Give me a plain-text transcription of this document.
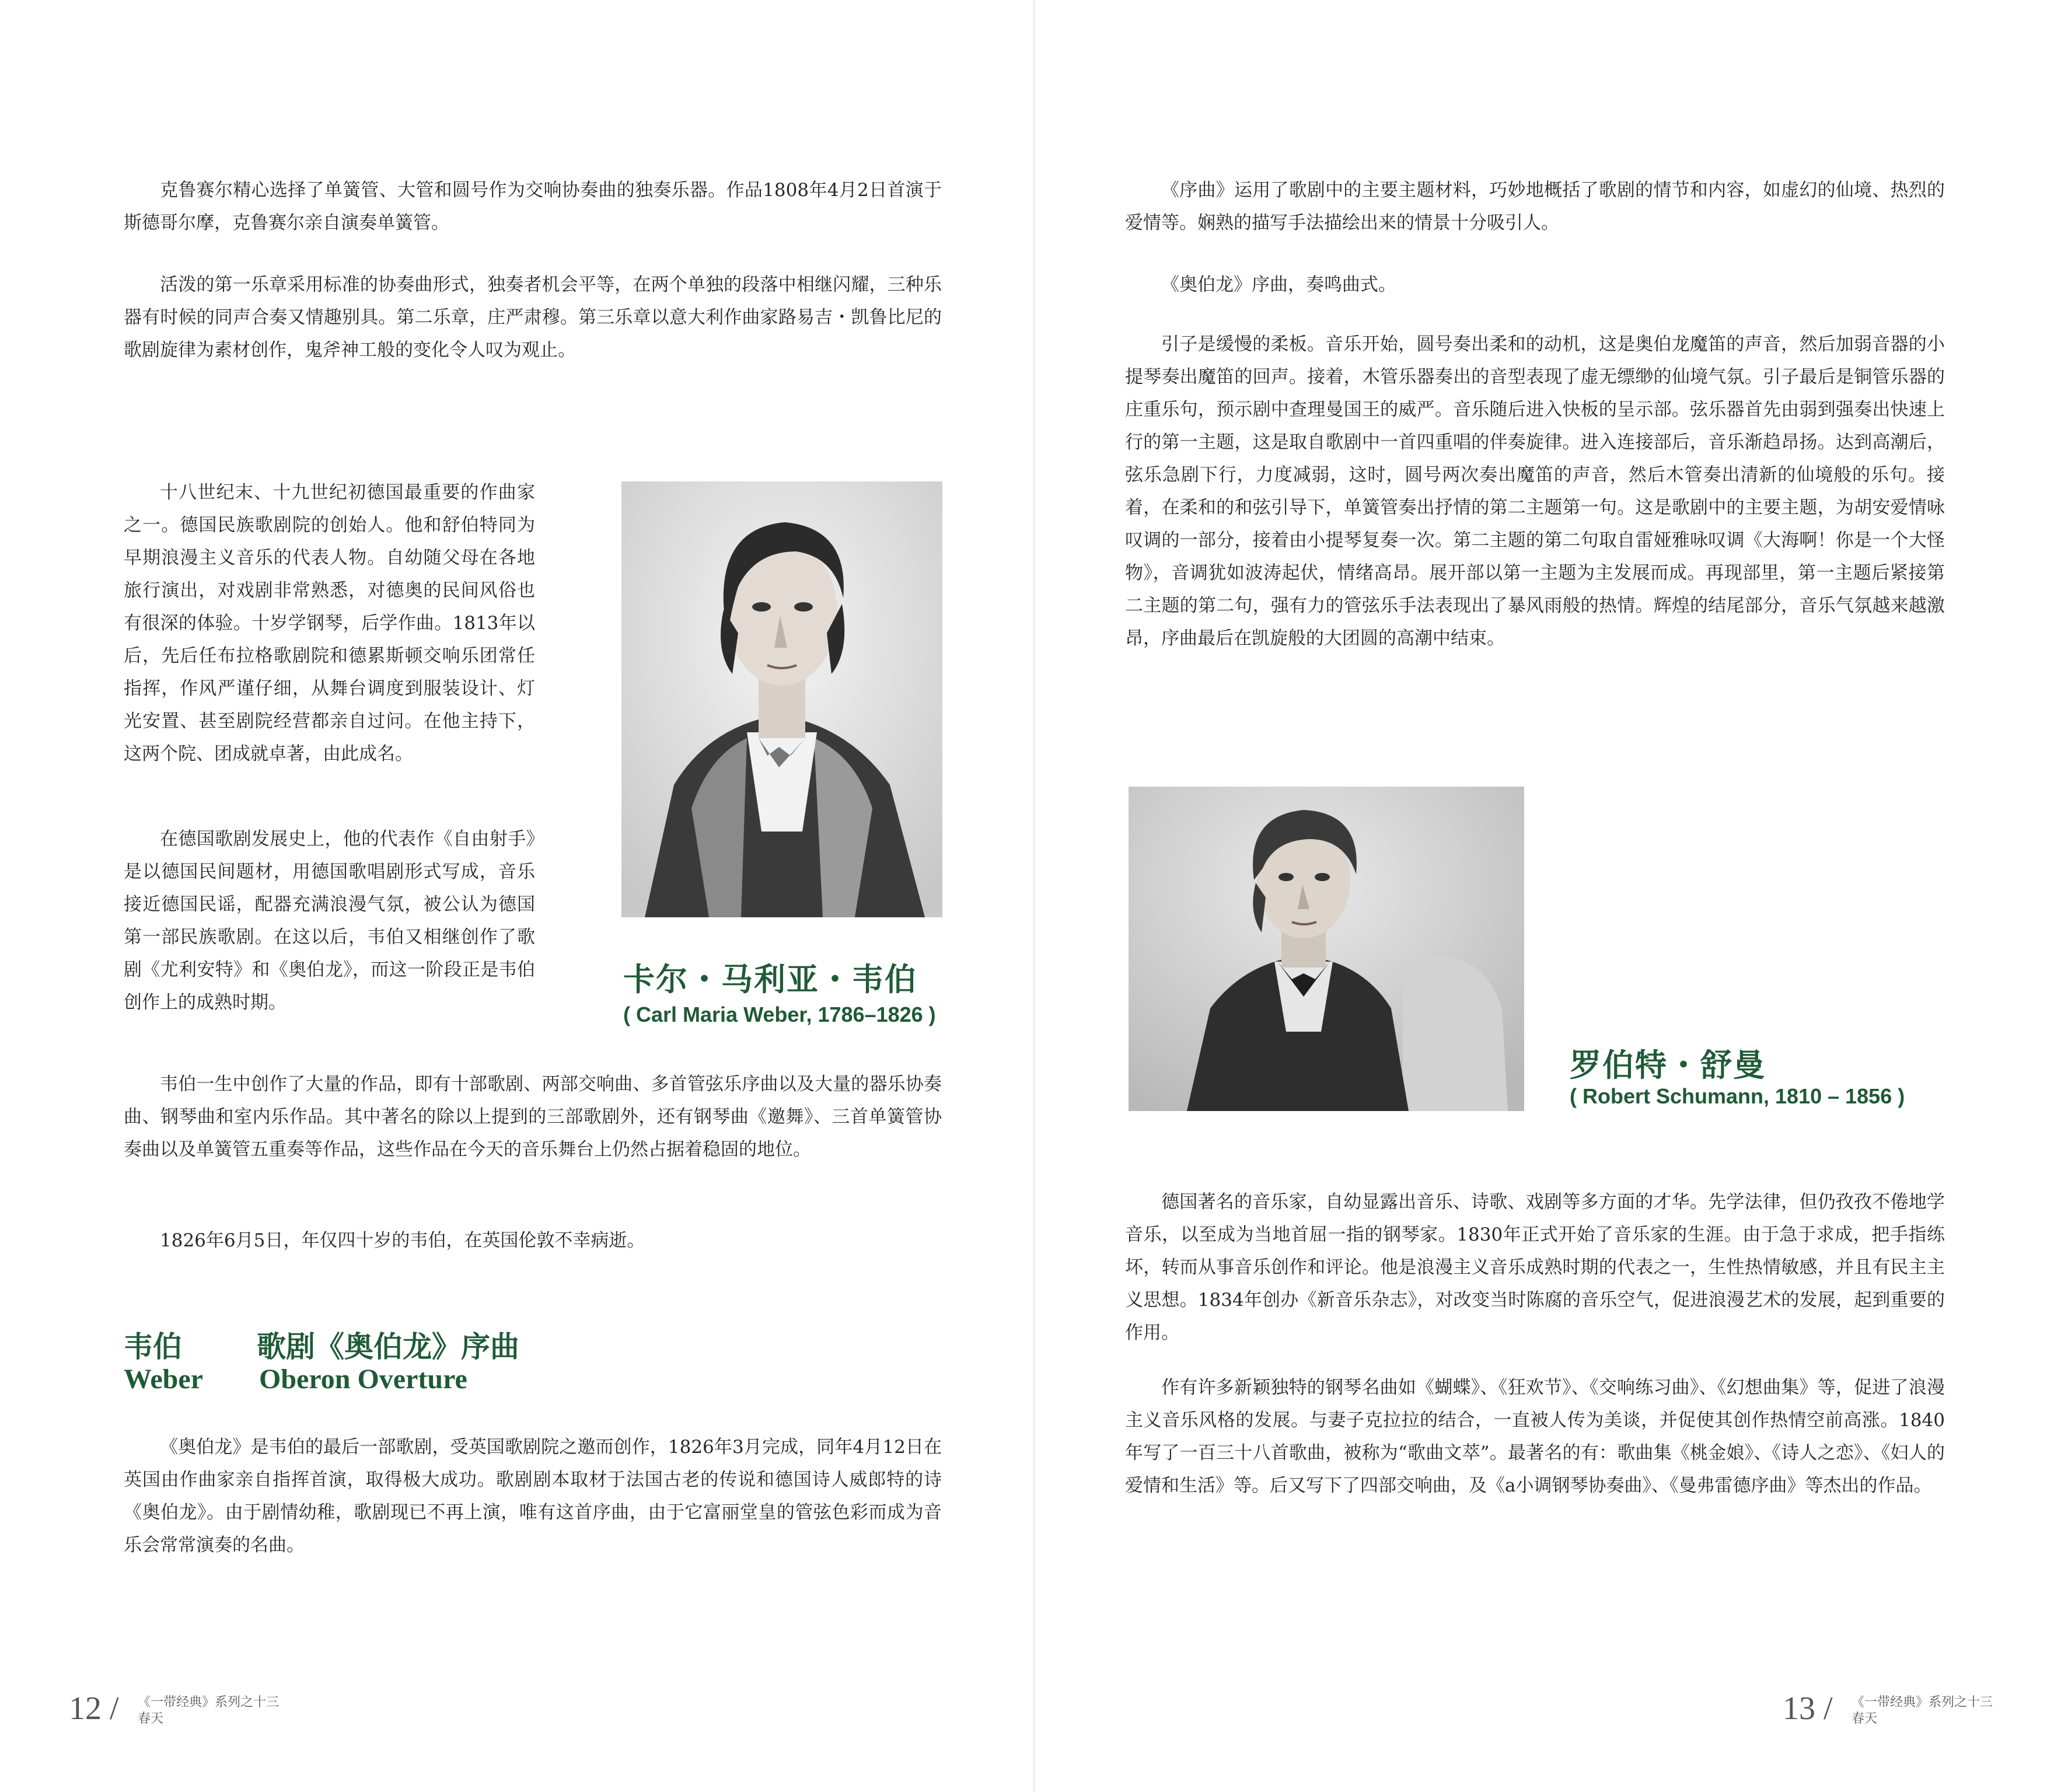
克鲁赛尔精心选择了单簧管、大管和圆号作为交响协奏曲的独奏乐器。作品1808年4月2日首演于斯德哥尔摩，克鲁赛尔亲自演奏单簧管。

活泼的第一乐章采用标准的协奏曲形式，独奏者机会平等，在两个单独的段落中相继闪耀，三种乐器有时候的同声合奏又情趣别具。第二乐章，庄严肃穆。第三乐章以意大利作曲家路易吉・凯鲁比尼的歌剧旋律为素材创作，鬼斧神工般的变化令人叹为观止。

十八世纪末、十九世纪初德国最重要的作曲家之一。德国民族歌剧院的创始人。他和舒伯特同为早期浪漫主义音乐的代表人物。自幼随父母在各地旅行演出，对戏剧非常熟悉，对德奥的民间风俗也有很深的体验。十岁学钢琴，后学作曲。1813年以后，先后任布拉格歌剧院和德累斯顿交响乐团常任指挥，作风严谨仔细，从舞台调度到服装设计、灯光安置、甚至剧院经营都亲自过问。在他主持下，这两个院、团成就卓著，由此成名。

在德国歌剧发展史上，他的代表作《自由射手》是以德国民间题材，用德国歌唱剧形式写成，音乐接近德国民谣，配器充满浪漫气氛，被公认为德国第一部民族歌剧。在这以后，韦伯又相继创作了歌剧《尤利安特》和《奥伯龙》，而这一阶段正是韦伯创作上的成熟时期。

卡尔・马利亚・韦伯
( Carl Maria Weber, 1786–1826 )

韦伯一生中创作了大量的作品，即有十部歌剧、两部交响曲、多首管弦乐序曲以及大量的器乐协奏曲、钢琴曲和室内乐作品。其中著名的除以上提到的三部歌剧外，还有钢琴曲《邀舞》、三首单簧管协奏曲以及单簧管五重奏等作品，这些作品在今天的音乐舞台上仍然占据着稳固的地位。

1826年6月5日，年仅四十岁的韦伯，在英国伦敦不幸病逝。

韦伯	歌剧《奥伯龙》序曲
Weber Oberon Overture

《奥伯龙》是韦伯的最后一部歌剧，受英国歌剧院之邀而创作，1826年3月完成，同年4月12日在英国由作曲家亲自指挥首演，取得极大成功。歌剧剧本取材于法国古老的传说和德国诗人威郎特的诗《奥伯龙》。由于剧情幼稚，歌剧现已不再上演，唯有这首序曲，由于它富丽堂皇的管弦色彩而成为音乐会常常演奏的名曲。

12 / 《一带经典》系列之十三
春天

《序曲》运用了歌剧中的主要主题材料，巧妙地概括了歌剧的情节和内容，如虚幻的仙境、热烈的爱情等。娴熟的描写手法描绘出来的情景十分吸引人。

《奥伯龙》序曲，奏鸣曲式。

引子是缓慢的柔板。音乐开始，圆号奏出柔和的动机，这是奥伯龙魔笛的声音，然后加弱音器的小提琴奏出魔笛的回声。接着，木管乐器奏出的音型表现了虚无缥缈的仙境气氛。引子最后是铜管乐器的庄重乐句，预示剧中查理曼国王的威严。音乐随后进入快板的呈示部。弦乐器首先由弱到强奏出快速上行的第一主题，这是取自歌剧中一首四重唱的伴奏旋律。进入连接部后，音乐渐趋昂扬。达到高潮后，弦乐急剧下行，力度减弱，这时，圆号两次奏出魔笛的声音，然后木管奏出清新的仙境般的乐句。接着，在柔和的和弦引导下，单簧管奏出抒情的第二主题第一句。这是歌剧中的主要主题，为胡安爱情咏叹调的一部分，接着由小提琴复奏一次。第二主题的第二句取自雷娅雅咏叹调《大海啊！你是一个大怪物》，音调犹如波涛起伏，情绪高昂。展开部以第一主题为主发展而成。再现部里，第一主题后紧接第二主题的第二句，强有力的管弦乐手法表现出了暴风雨般的热情。辉煌的结尾部分，音乐气氛越来越激昂，序曲最后在凯旋般的大团圆的高潮中结束。

罗伯特・舒曼
( Robert Schumann, 1810 – 1856 )

德国著名的音乐家，自幼显露出音乐、诗歌、戏剧等多方面的才华。先学法律，但仍孜孜不倦地学音乐，以至成为当地首屈一指的钢琴家。1830年正式开始了音乐家的生涯。由于急于求成，把手指练坏，转而从事音乐创作和评论。他是浪漫主义音乐成熟时期的代表之一，生性热情敏感，并且有民主主义思想。1834年创办《新音乐杂志》，对改变当时陈腐的音乐空气，促进浪漫艺术的发展，起到重要的作用。

作有许多新颖独特的钢琴名曲如《蝴蝶》、《狂欢节》、《交响练习曲》、《幻想曲集》等，促进了浪漫主义音乐风格的发展。与妻子克拉拉的结合，一直被人传为美谈，并促使其创作热情空前高涨。1840年写了一百三十八首歌曲，被称为“歌曲文萃”。最著名的有：歌曲集《桃金娘》、《诗人之恋》、《妇人的爱情和生活》等。后又写下了四部交响曲，及《a小调钢琴协奏曲》、《曼弗雷德序曲》等杰出的作品。

13 / 《一带经典》系列之十三
春天
